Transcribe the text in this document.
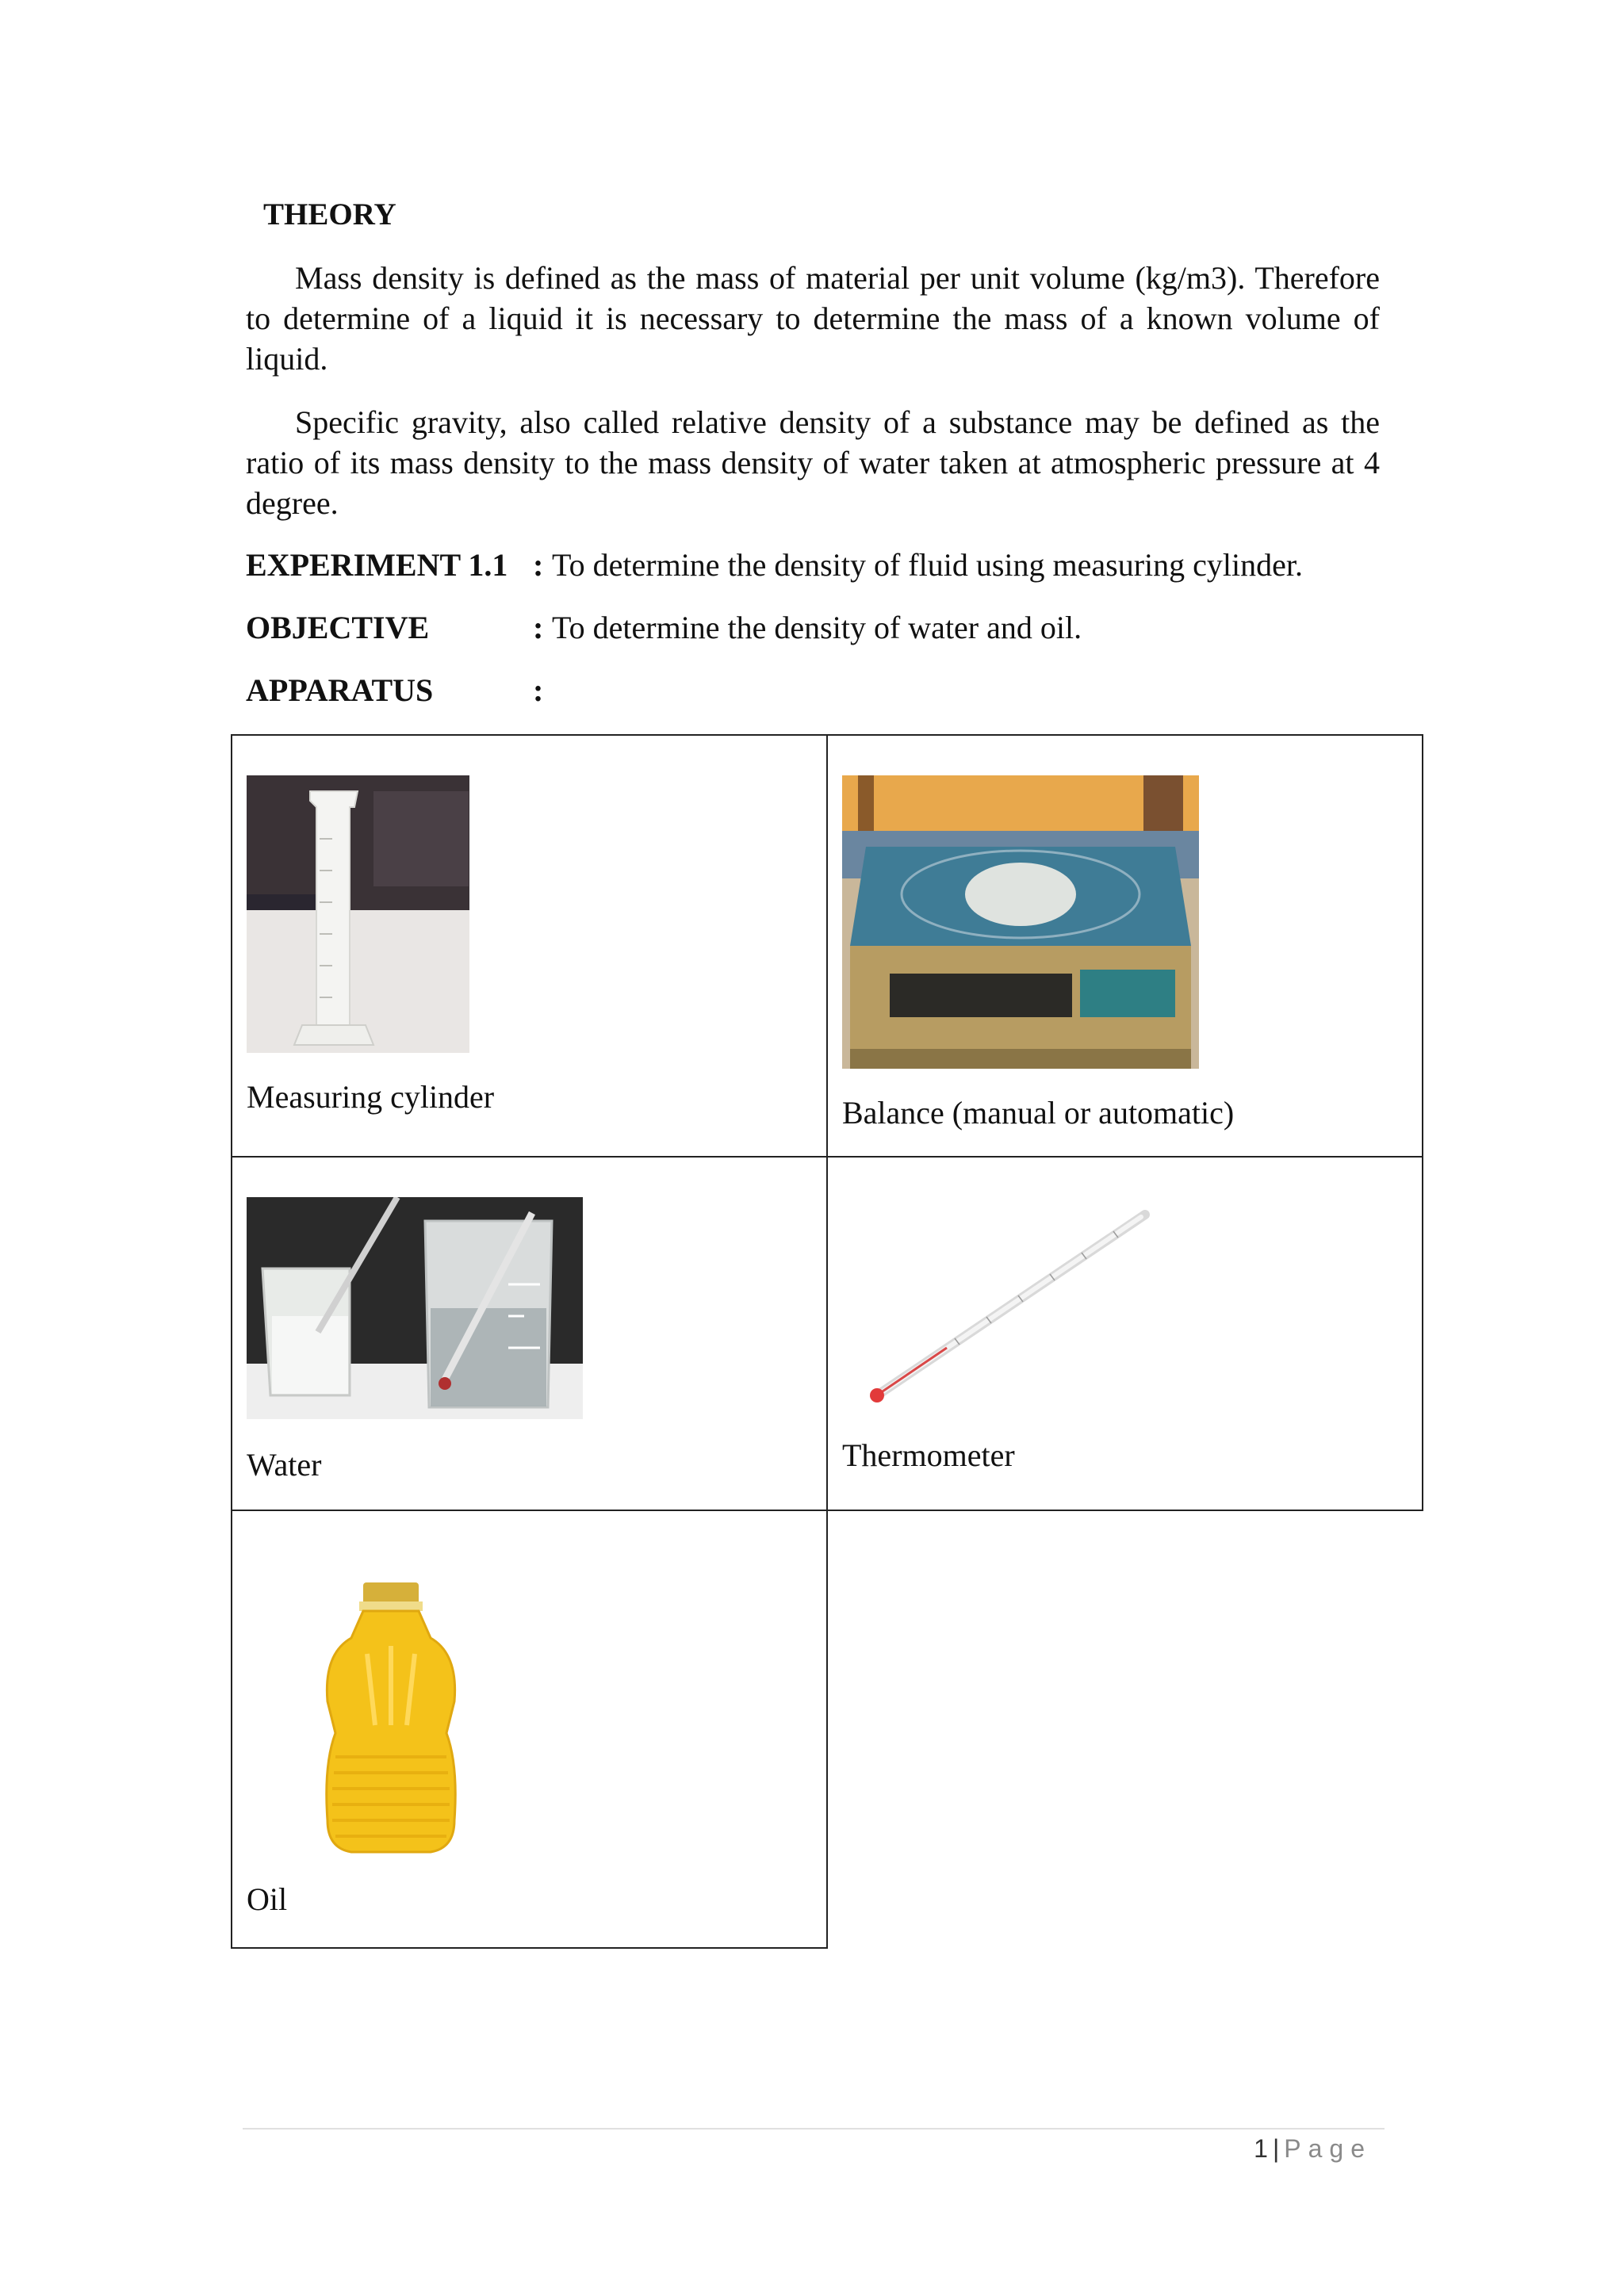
THEORY
Mass density is defined as the mass of material per unit volume (kg/m3). Therefore to determine of a liquid it is necessary to determine the mass of a known volume of liquid.
Specific gravity, also called relative density of a substance may be defined as the ratio of its mass density to the mass density of water taken at atmospheric pressure at 4 degree.
EXPERIMENT 1.1 : To determine the density of fluid using measuring cylinder.
OBJECTIVE	: To determine the density of water and oil.
APPARATUS	:
Measuring cylinder	Balance (manual or automatic)

Water	Thermometer

Oil	

1 | Page
